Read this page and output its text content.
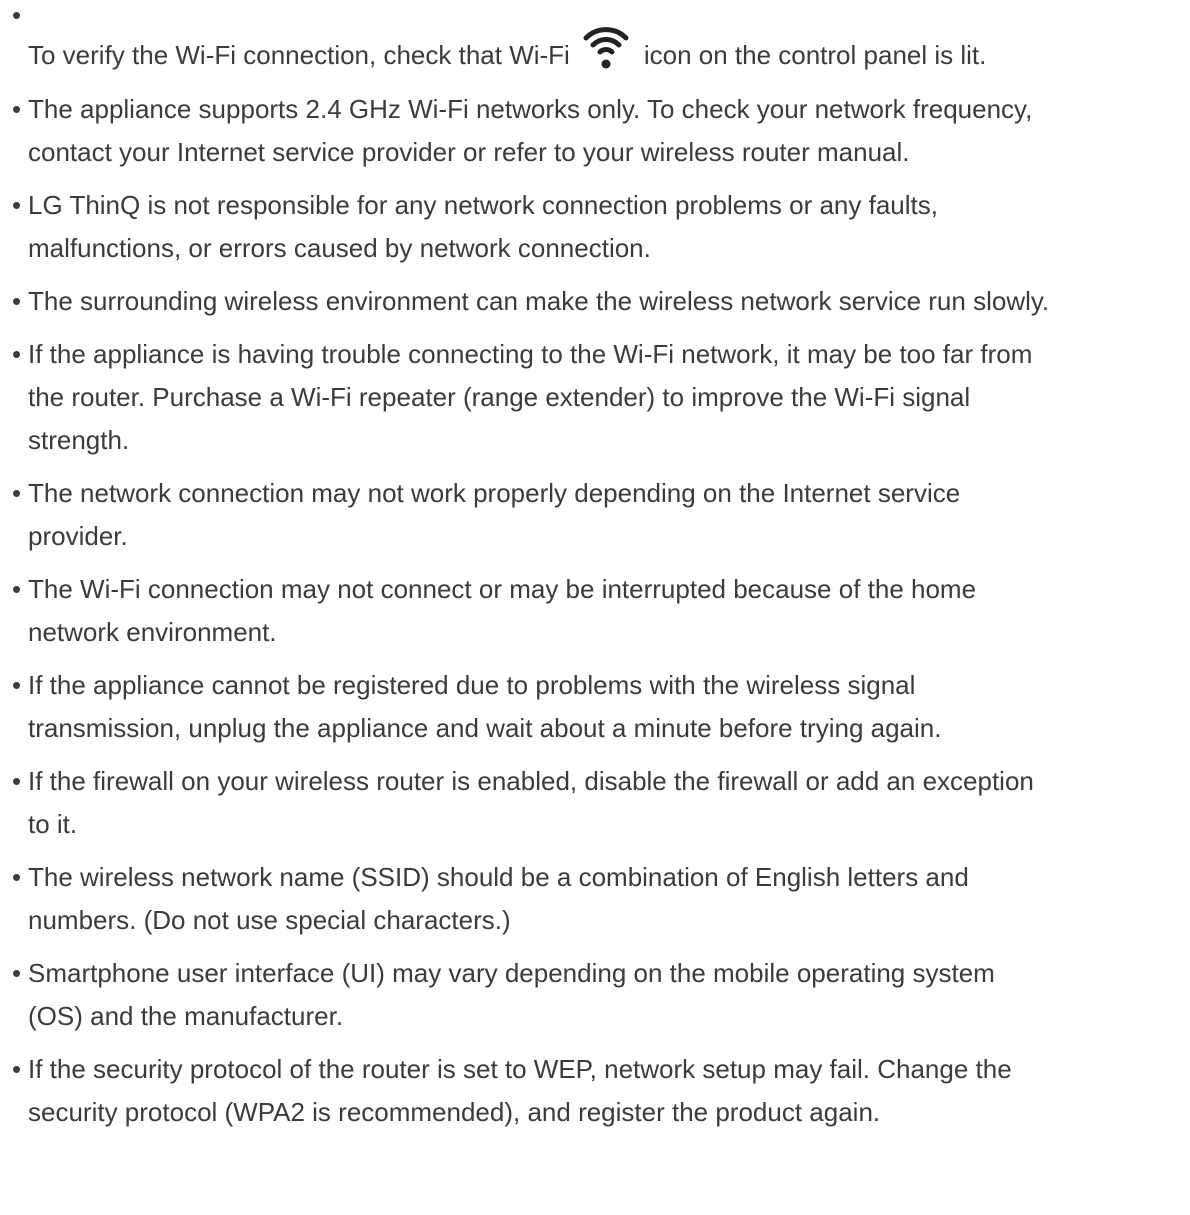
•
To verify the Wi-Fi connection, check that Wi-Fi	icon on the control panel is lit.
• The appliance supports 2.4 GHz Wi-Fi networks only. To check your network frequency,
contact your Internet service provider or refer to your wireless router manual.
• LG ThinQ is not responsible for any network connection problems or any faults,
malfunctions, or errors caused by network connection.
• The surrounding wireless environment can make the wireless network service run slowly.
• If the appliance is having trouble connecting to the Wi-Fi network, it may be too far from
the router. Purchase a Wi-Fi repeater (range extender) to improve the Wi-Fi signal
strength.
• The network connection may not work properly depending on the Internet service
provider.
• The Wi-Fi connection may not connect or may be interrupted because of the home
network environment.
• If the appliance cannot be registered due to problems with the wireless signal
transmission, unplug the appliance and wait about a minute before trying again.
• If the firewall on your wireless router is enabled, disable the firewall or add an exception
to it.
• The wireless network name (SSID) should be a combination of English letters and
numbers. (Do not use special characters.)
• Smartphone user interface (UI) may vary depending on the mobile operating system
(OS) and the manufacturer.
• If the security protocol of the router is set to WEP, network setup may fail. Change the
security protocol (WPA2 is recommended), and register the product again.
